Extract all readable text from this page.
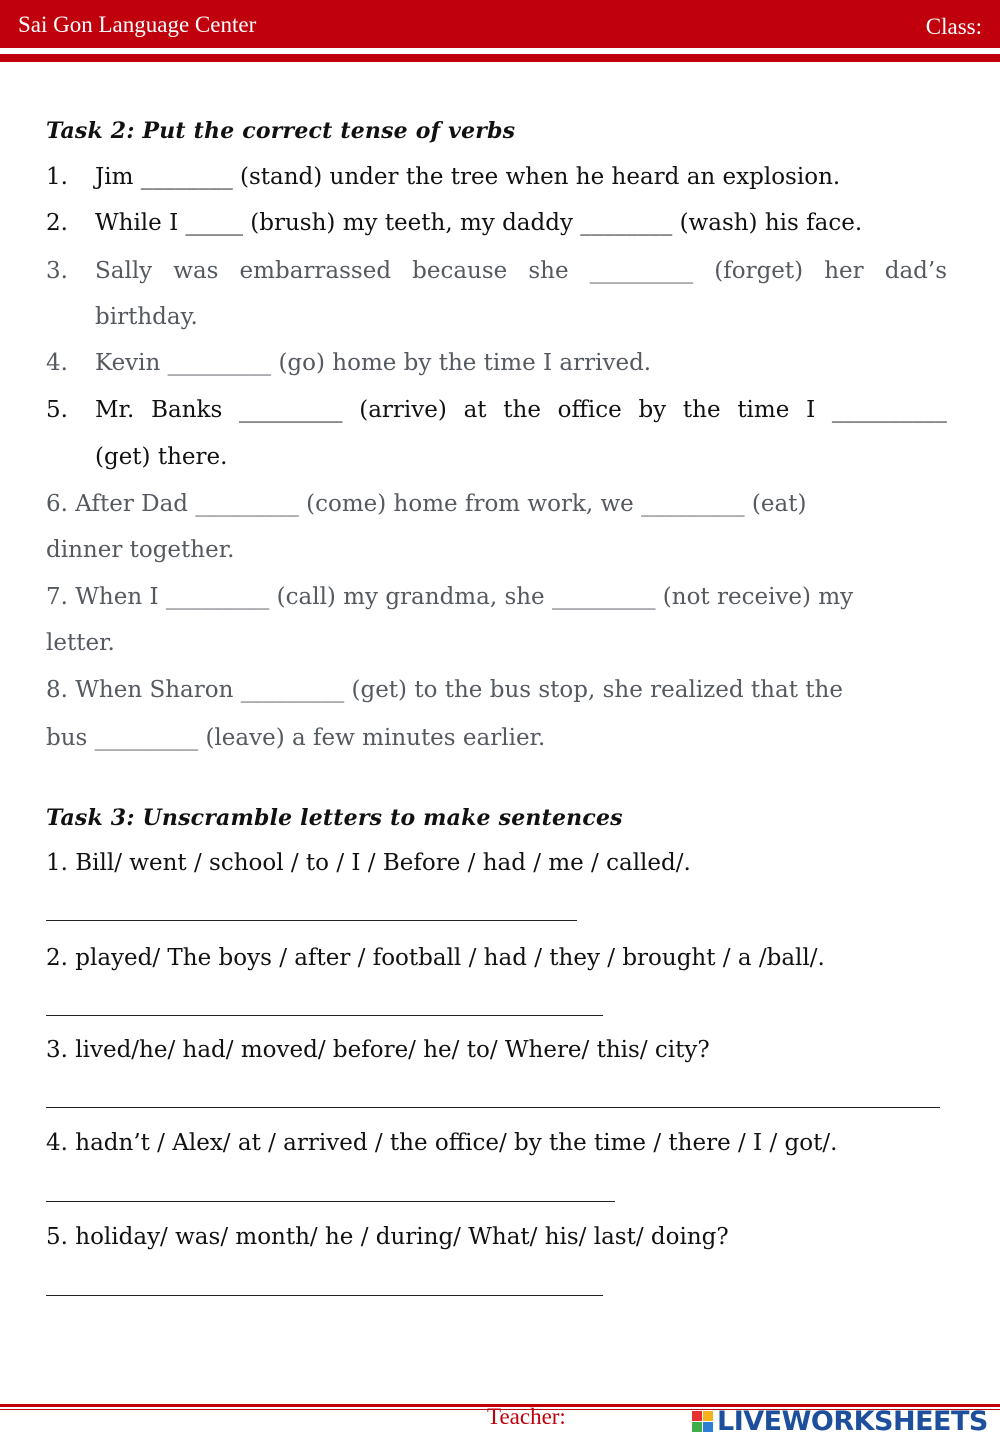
Sai Gon Language Center	Class:
Task 2: Put the correct tense of verbs
1. Jim ________ (stand) under the tree when he heard an explosion.
2. While I _____ (brush) my teeth, my daddy ________ (wash) his face.
3. Sally was embarrassed because she _________ (forget) her dad’s
birthday.
4. Kevin _________ (go) home by the time I arrived.
5. Mr. Banks _________ (arrive) at the office by the time I __________
(get) there.
6. After Dad _________ (come) home from work, we _________ (eat)
dinner together.
7. When I _________ (call) my grandma, she _________ (not receive) my
letter.
8. When Sharon _________ (get) to the bus stop, she realized that the
bus _________ (leave) a few minutes earlier.
Task 3: Unscramble letters to make sentences
1. Bill/ went / school / to / I / Before / had / me / called/.
2. played/ The boys / after / football / had / they / brought / a /ball/.
3. lived/he/ had/ moved/ before/ he/ to/ Where/ this/ city?
4. hadn’t / Alex/ at / arrived / the office/ by the time / there / I / got/.
5. holiday/ was/ month/ he / during/ What/ his/ last/ doing?
Teacher:	LIVEWORKSHEETS
